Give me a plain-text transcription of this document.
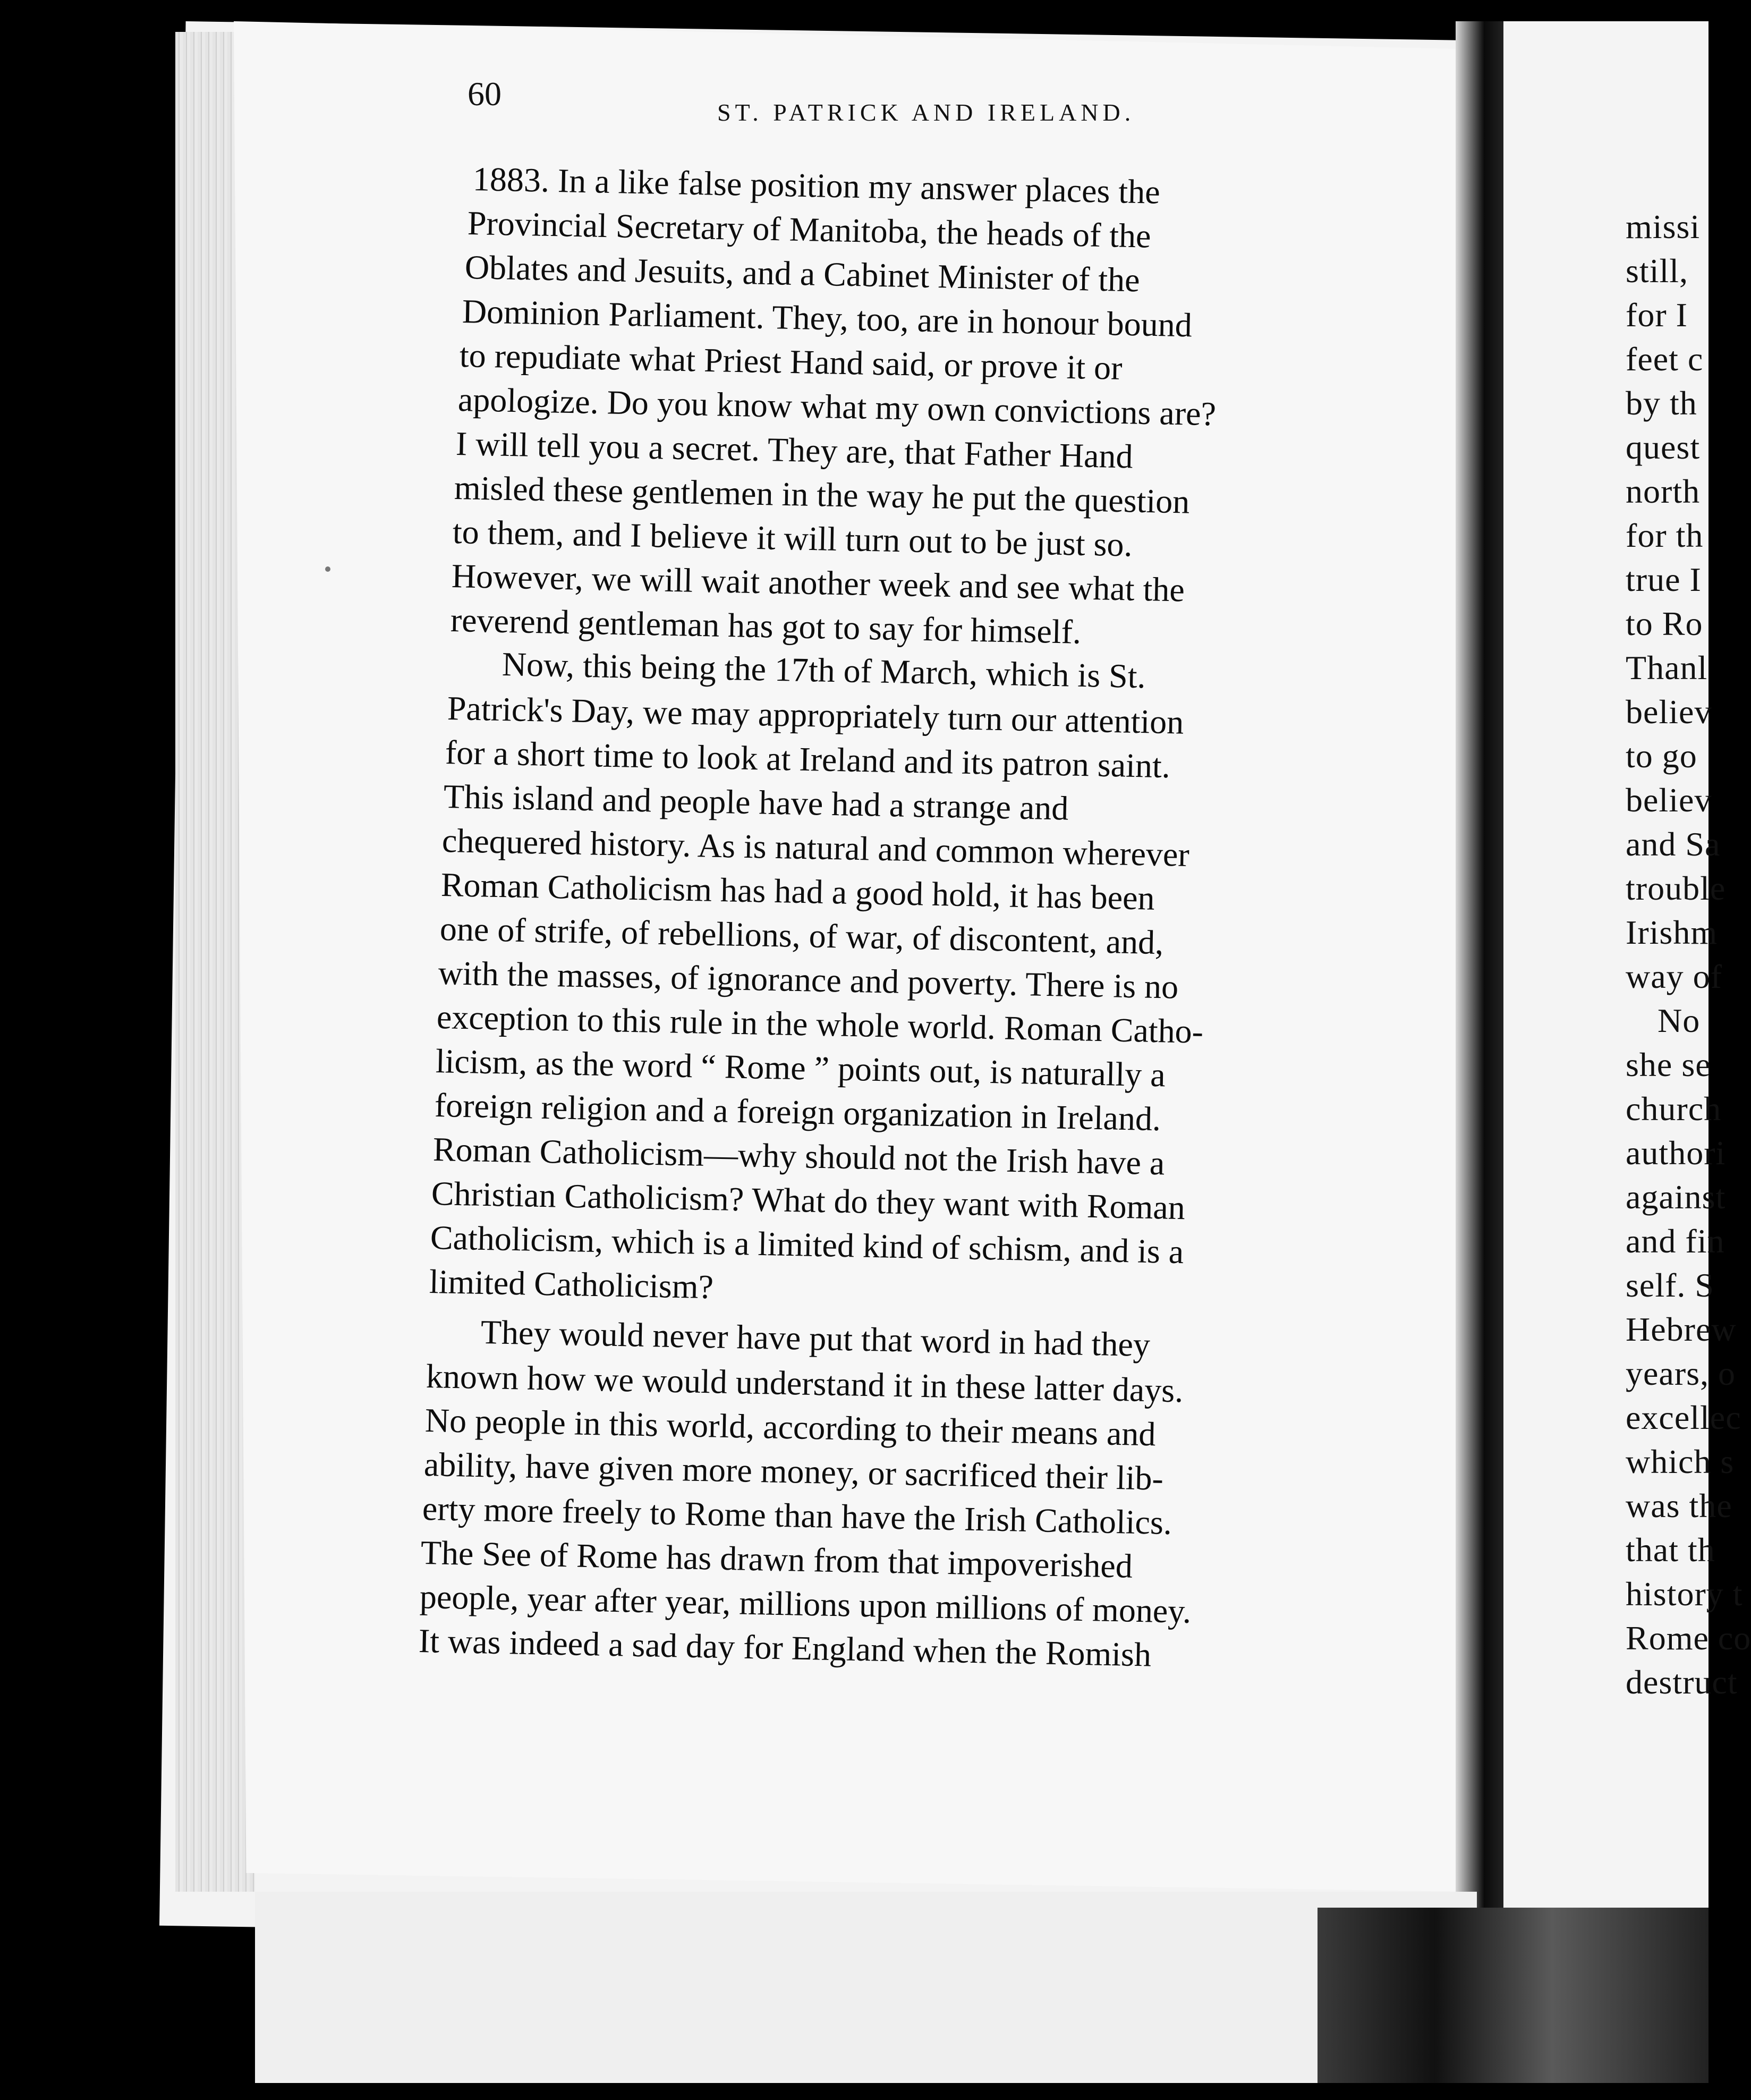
60	ST. PATRICK AND IRELAND.
1883. In a like false position my answer places the
Provincial Secretary of Manitoba, the heads of the
Oblates and Jesuits, and a Cabinet Minister of the
Dominion Parliament. They, too, are in honour bound
to repudiate what Priest Hand said, or prove it or
apologize. Do you know what my own convictions are?
I will tell you a secret. They are, that Father Hand
misled these gentlemen in the way he put the question
to them, and I believe it will turn out to be just so.
However, we will wait another week and see what the
reverend gentleman has got to say for himself.
Now, this being the 17th of March, which is St.
Patrick's Day, we may appropriately turn our attention
for a short time to look at Ireland and its patron saint.
This island and people have had a strange and
chequered history. As is natural and common wherever
Roman Catholicism has had a good hold, it has been
one of strife, of rebellions, of war, of discontent, and,
with the masses, of ignorance and poverty. There is no
exception to this rule in the whole world. Roman Catho-
licism, as the word “ Rome ” points out, is naturally a
foreign religion and a foreign organization in Ireland.
Roman Catholicism—why should not the Irish have a
Christian Catholicism? What do they want with Roman
Catholicism, which is a limited kind of schism, and is a
limited Catholicism?
They would never have put that word in had they
known how we would understand it in these latter days.
No people in this world, according to their means and
ability, have given more money, or sacrificed their lib-
erty more freely to Rome than have the Irish Catholics.
The See of Rome has drawn from that impoverished
people, year after year, millions upon millions of money.
It was indeed a sad day for England when the Romish
missi
still,
for I
feet c
by th
quest
north
for th
true I
to Ro
Thanl
believ
to go
believ
and Sa
trouble
Irishm
way of
No
she se
church
authori
against
and fin
self. S
Hebrew
years, o
excellec
which s
was the
that th
history t
Rome co
destruct
